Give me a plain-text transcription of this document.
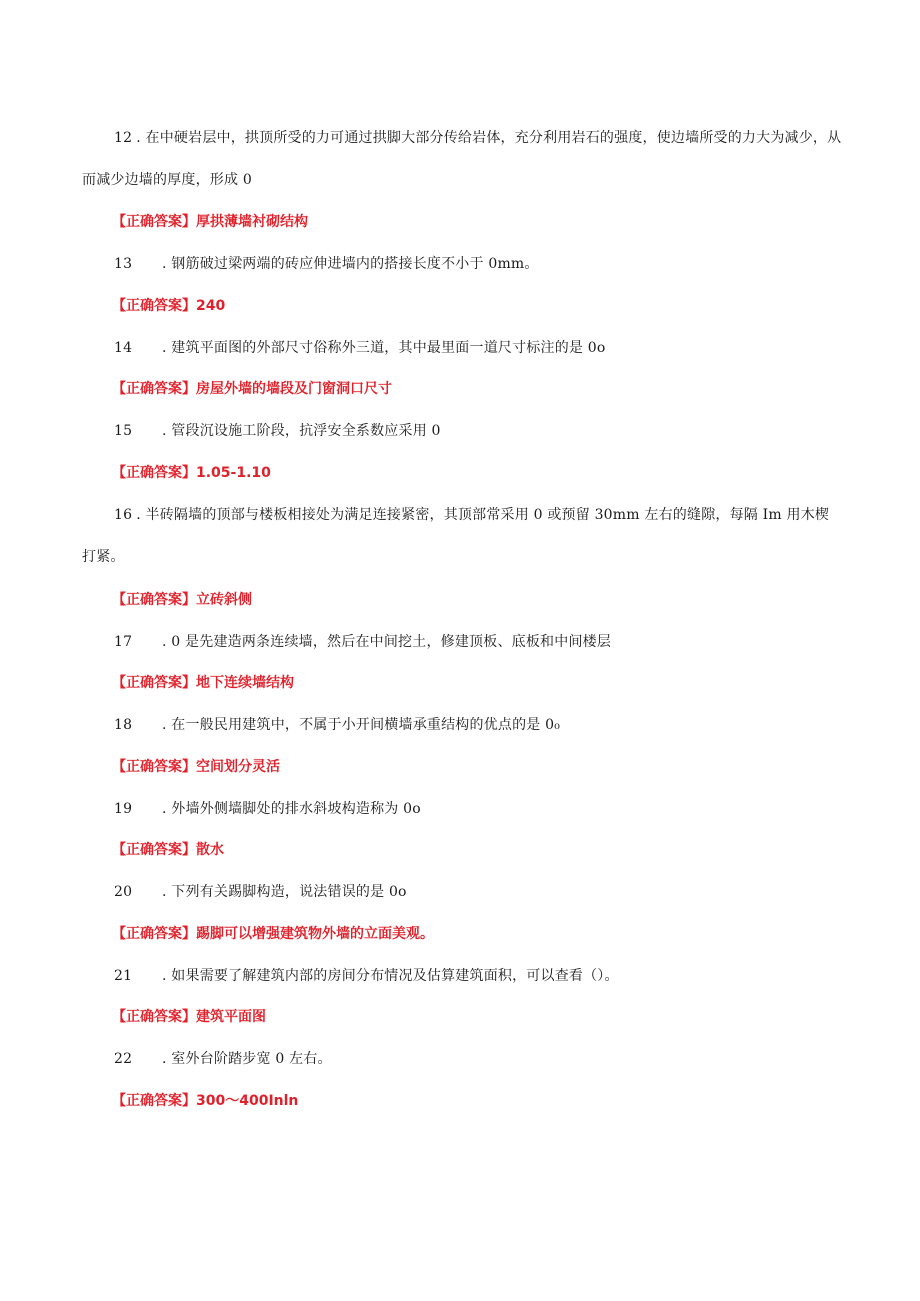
12 . 在中硬岩层中，拱顶所受的力可通过拱脚大部分传给岩体，充分利用岩石的强度，使边墙所受的力大为减少，从而减少边墙的厚度，形成 0
【正确答案】厚拱薄墙衬砌结构
13 . 钢筋破过梁两端的砖应伸进墙内的搭接长度不小于 0mm。
【正确答案】240
14 . 建筑平面图的外部尺寸俗称外三道，其中最里面一道尺寸标注的是 0o
【正确答案】房屋外墙的墙段及门窗洞口尺寸
15 . 管段沉设施工阶段，抗浮安全系数应采用 0
【正确答案】1.05-1.10
16 . 半砖隔墙的顶部与楼板相接处为满足连接紧密，其顶部常采用 0 或预留 30mm 左右的缝隙，每隔 Im 用木楔打紧。
【正确答案】立砖斜侧
17 . 0 是先建造两条连续墙，然后在中间挖土，修建顶板、底板和中间楼层
【正确答案】地下连续墙结构
18 . 在一般民用建筑中，不属于小开间横墙承重结构的优点的是 0₀
【正确答案】空间划分灵活
19 . 外墙外侧墙脚处的排水斜坡构造称为 0o
【正确答案】散水
20 . 下列有关踢脚构造，说法错误的是 0o
【正确答案】踢脚可以增强建筑物外墙的立面美观。
21 . 如果需要了解建筑内部的房间分布情况及估算建筑面积，可以查看（）。
【正确答案】建筑平面图
22 . 室外台阶踏步宽 0 左右。
【正确答案】300～400Inln
